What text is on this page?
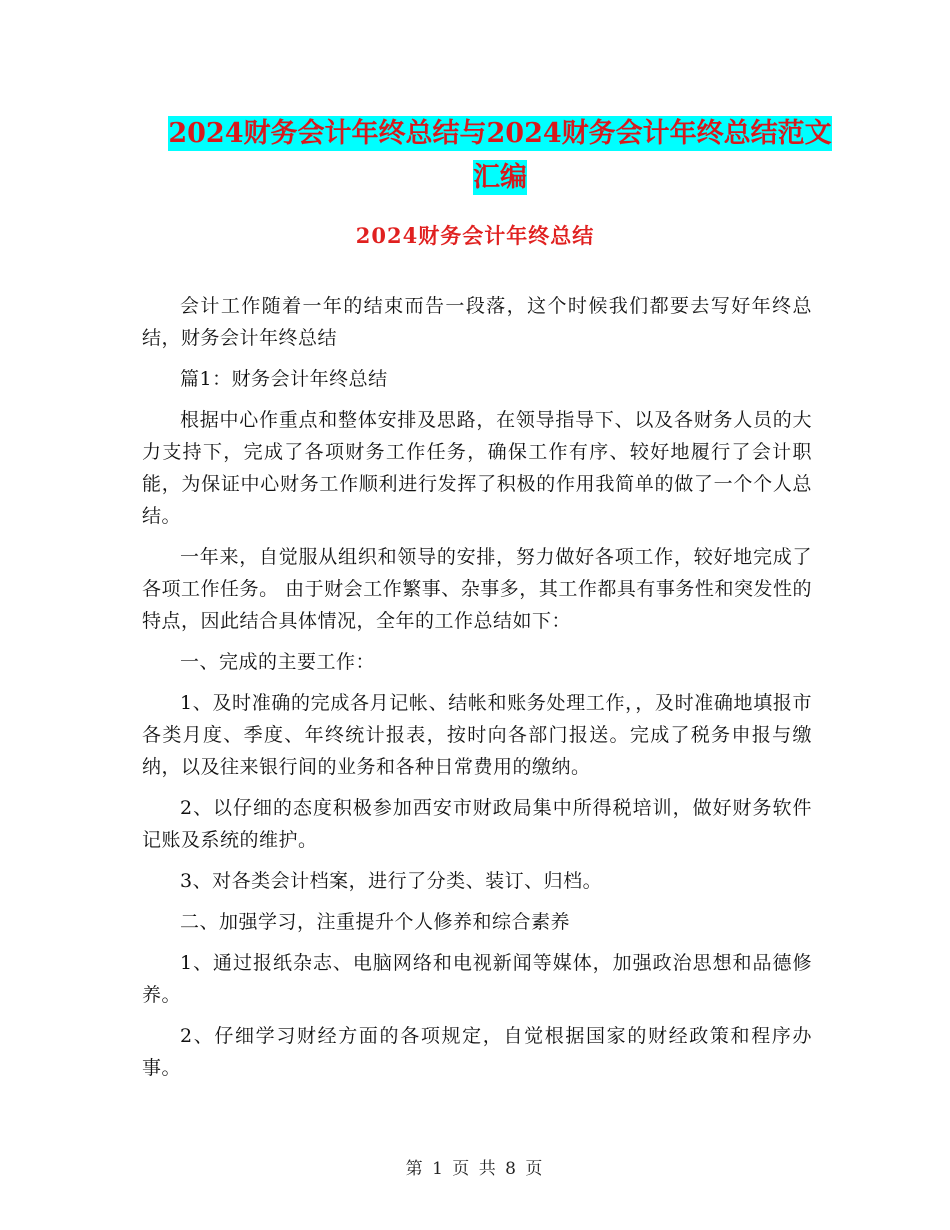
2024财务会计年终总结与2024财务会计年终总结范文
汇编
2024财务会计年终总结

会计工作随着一年的结束而告一段落，这个时候我们都要去写好年终总结，财务会计年终总结

篇1：财务会计年终总结

根据中心作重点和整体安排及思路，在领导指导下、以及各财务人员的大力支持下，完成了各项财务工作任务，确保工作有序、较好地履行了会计职能，为保证中心财务工作顺利进行发挥了积极的作用我简单的做了一个个人总结。

一年来，自觉服从组织和领导的安排，努力做好各项工作，较好地完成了各项工作任务。 由于财会工作繁事、杂事多，其工作都具有事务性和突发性的特点，因此结合具体情况，全年的工作总结如下：

一、完成的主要工作：

1、及时准确的完成各月记帐、结帐和账务处理工作，，及时准确地填报市各类月度、季度、年终统计报表，按时向各部门报送。完成了税务申报与缴纳，以及往来银行间的业务和各种日常费用的缴纳。

2、以仔细的态度积极参加西安市财政局集中所得税培训，做好财务软件记账及系统的维护。

3、对各类会计档案，进行了分类、装订、归档。

二、加强学习，注重提升个人修养和综合素养

1、通过报纸杂志、电脑网络和电视新闻等媒体，加强政治思想和品德修养。

2、仔细学习财经方面的各项规定，自觉根据国家的财经政策和程序办事。

第 1 页 共 8 页
